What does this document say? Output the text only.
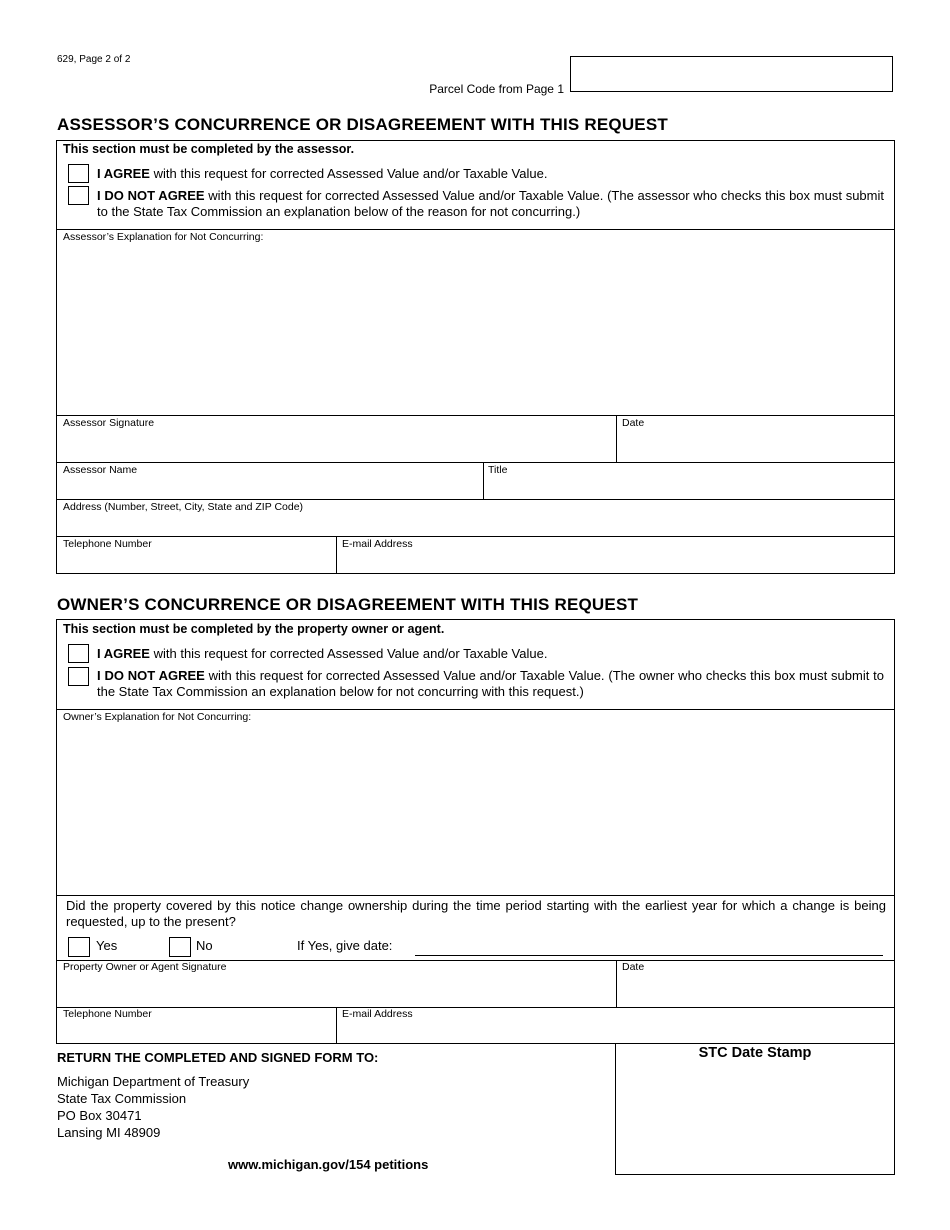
629, Page 2 of 2
Parcel Code from Page 1
ASSESSOR’S CONCURRENCE OR DISAGREEMENT WITH THIS REQUEST
This section must be completed by the assessor.
I AGREE with this request for corrected Assessed Value and/or Taxable Value.
I DO NOT AGREE with this request for corrected Assessed Value and/or Taxable Value. (The assessor who checks this box must submit to the State Tax Commission an explanation below of the reason for not concurring.)
Assessor’s Explanation for Not Concurring:
Assessor Signature	Date
Assessor Name	Title
Address (Number, Street, City, State and ZIP Code)
Telephone Number	E-mail Address
OWNER’S CONCURRENCE OR DISAGREEMENT WITH THIS REQUEST
This section must be completed by the property owner or agent.
I AGREE with this request for corrected Assessed Value and/or Taxable Value.
I DO NOT AGREE with this request for corrected Assessed Value and/or Taxable Value. (The owner who checks this box must submit to the State Tax Commission an explanation below for not concurring with this request.)
Owner’s Explanation for Not Concurring:
Did the property covered by this notice change ownership during the time period starting with the earliest year for which a change is being requested, up to the present?
Yes	No	If Yes, give date:
Property Owner or Agent Signature	Date
Telephone Number	E-mail Address
RETURN THE COMPLETED AND SIGNED FORM TO:
Michigan Department of Treasury
State Tax Commission
PO Box 30471
Lansing MI 48909
www.michigan.gov/154 petitions
STC Date Stamp
